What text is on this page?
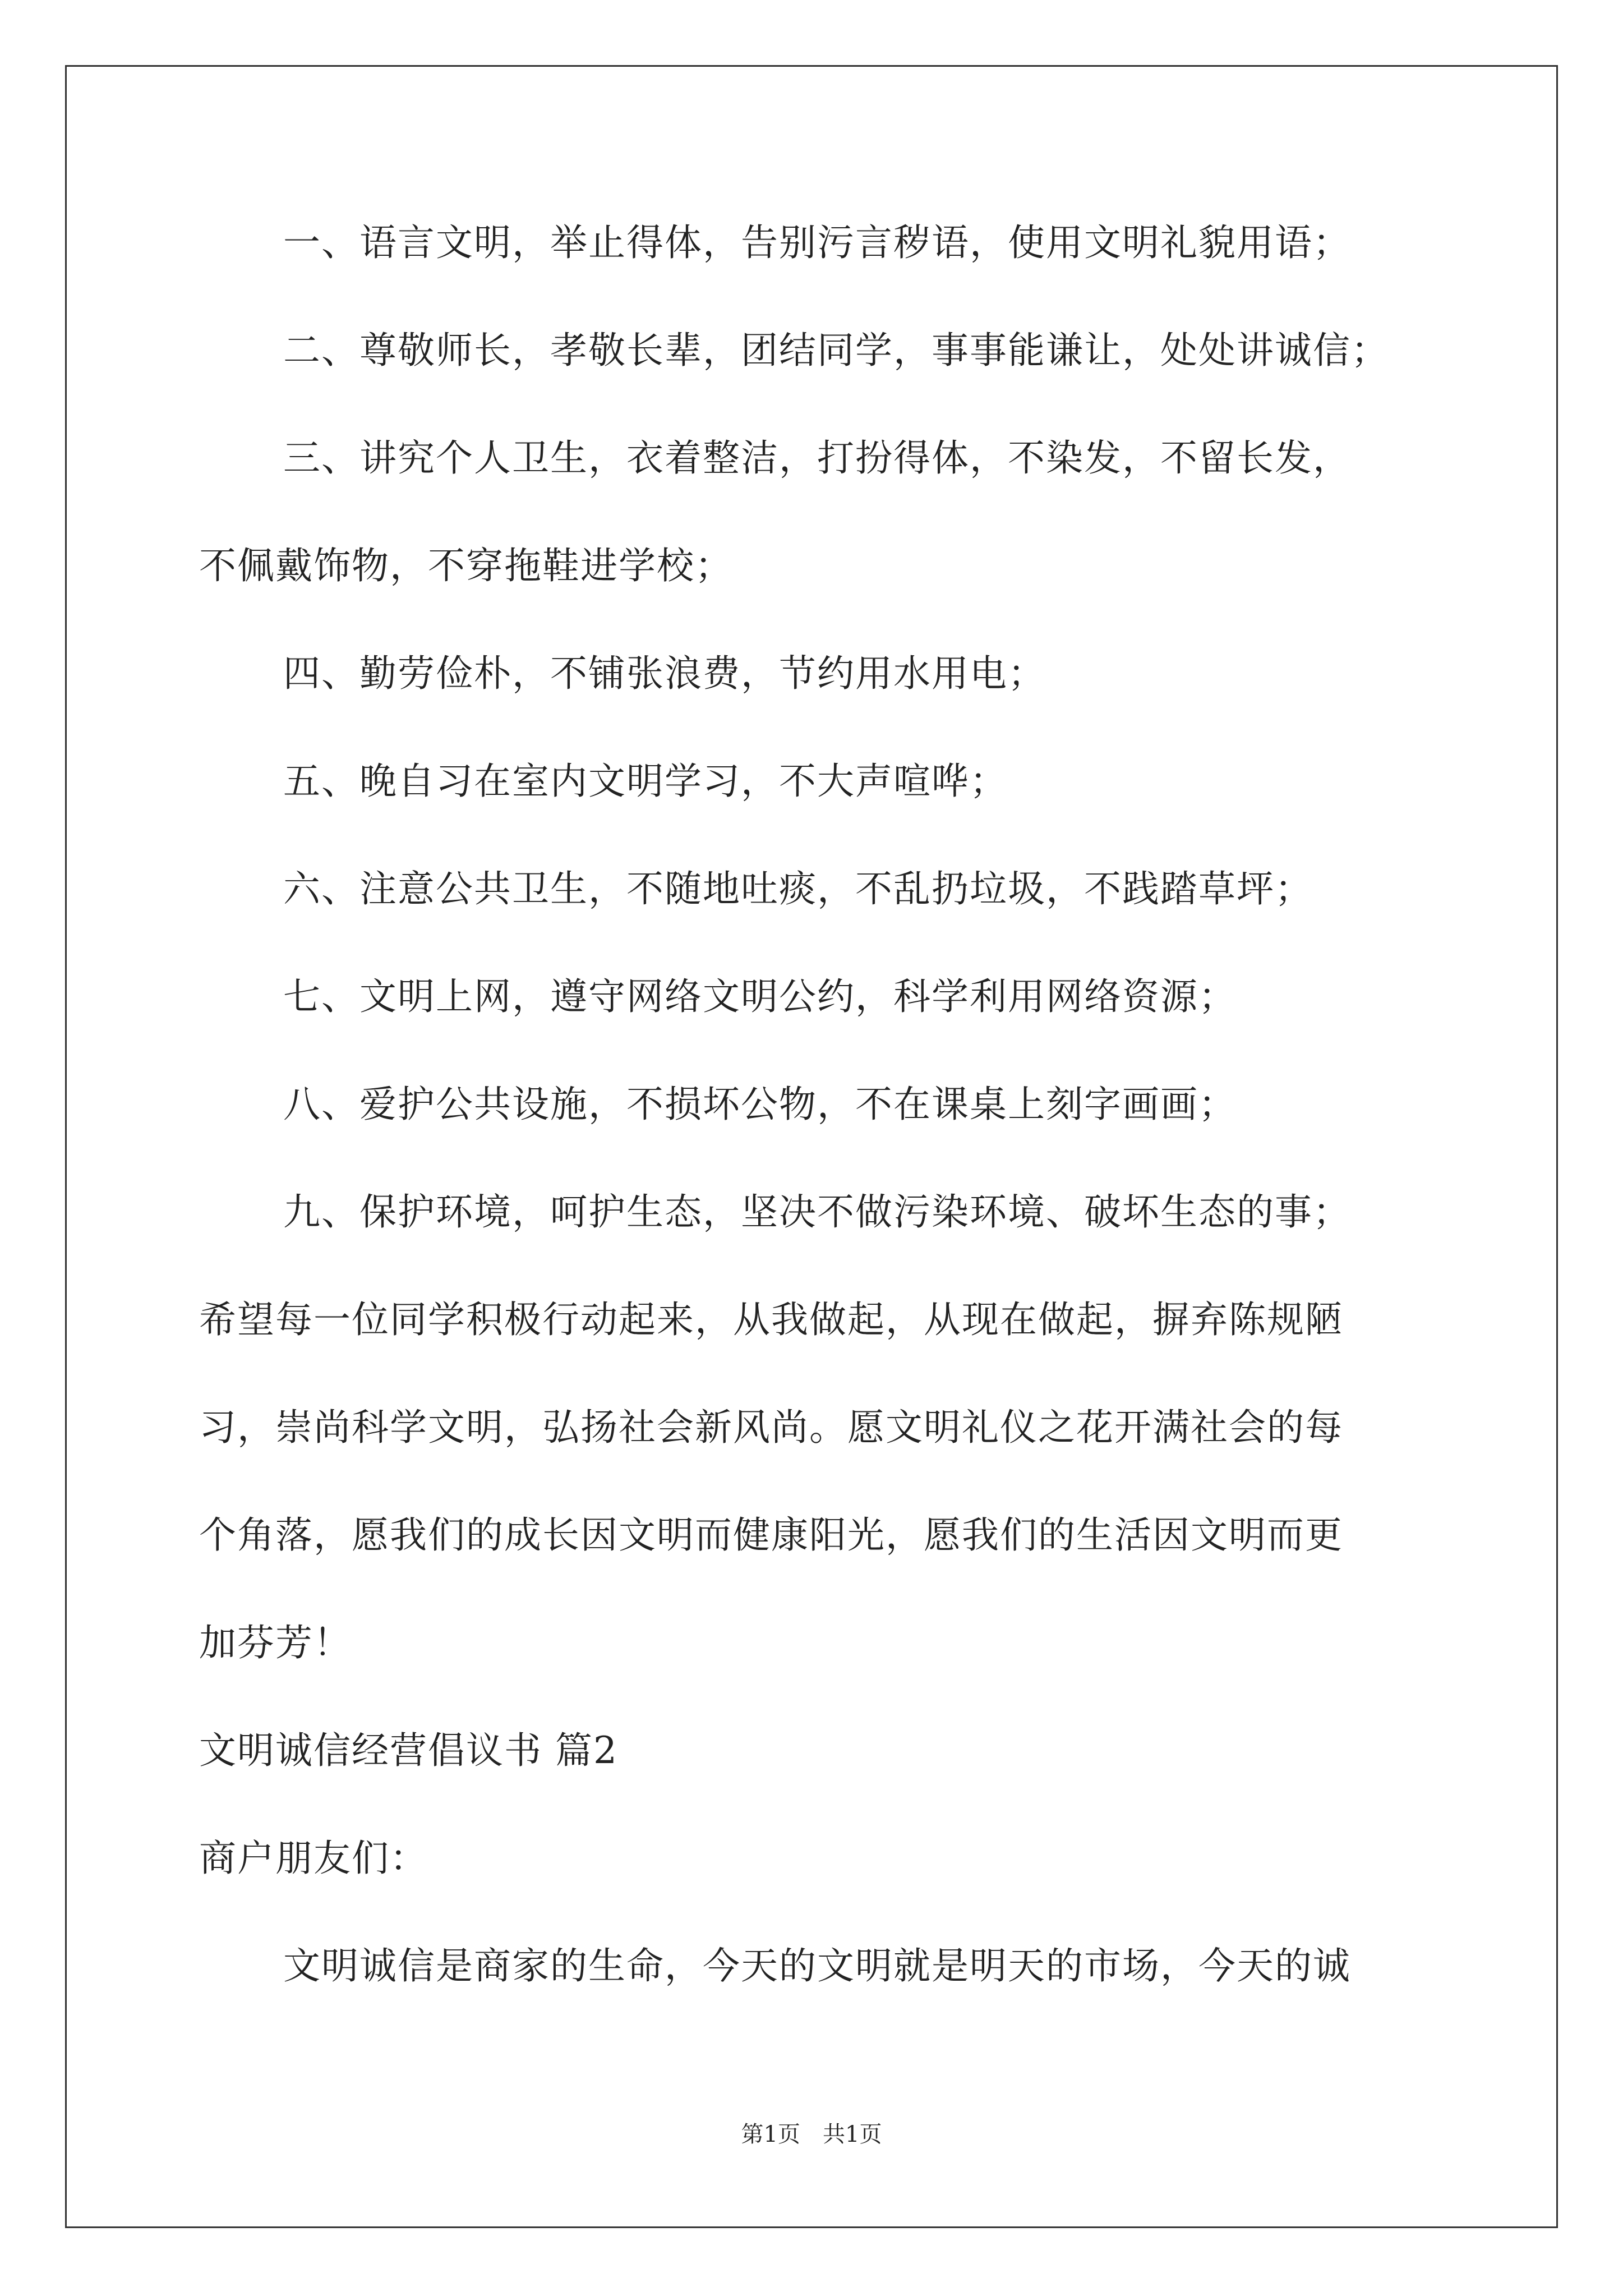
一、语言文明，举止得体，告别污言秽语，使用文明礼貌用语；
二、尊敬师长，孝敬长辈，团结同学，事事能谦让，处处讲诚信；
三、讲究个人卫生，衣着整洁，打扮得体，不染发，不留长发，
不佩戴饰物，不穿拖鞋进学校；
四、勤劳俭朴，不铺张浪费，节约用水用电；
五、晚自习在室内文明学习，不大声喧哗；
六、注意公共卫生，不随地吐痰，不乱扔垃圾，不践踏草坪；
七、文明上网，遵守网络文明公约，科学利用网络资源；
八、爱护公共设施，不损坏公物，不在课桌上刻字画画；
九、保护环境，呵护生态，坚决不做污染环境、破坏生态的事；
希望每一位同学积极行动起来，从我做起，从现在做起，摒弃陈规陋
习，崇尚科学文明，弘扬社会新风尚。愿文明礼仪之花开满社会的每
个角落，愿我们的成长因文明而健康阳光，愿我们的生活因文明而更
加芬芳！
文明诚信经营倡议书 篇2
商户朋友们：
文明诚信是商家的生命，今天的文明就是明天的市场，今天的诚
第1页　共1页
